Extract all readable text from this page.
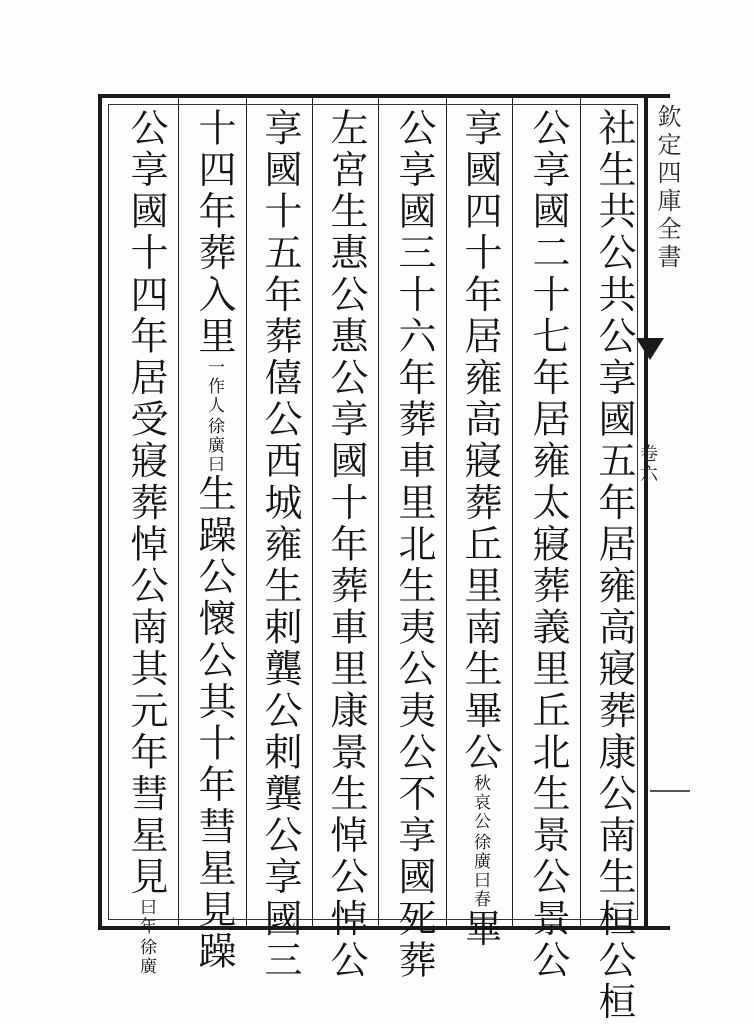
欽定四庫全書
卷六
社生共公共公享國五年居雍高寢葬康公南生桓公桓
公享國二十七年居雍太寢葬義里丘北生景公景公
享國四十年居雍高寢葬丘里南生畢公
徐廣曰春
秋哀公
畢
公享國三十六年葬車里北生夷公夷公不享國死葬
左宮生惠公惠公享國十年葬車里康景生悼公悼公
享國十五年葬僖公西城雍生剌龔公剌龔公享國三
十四年葬入里
徐廣曰
一作人
生躁公懷公其十年彗星見躁
公享國十四年居受寢葬悼公南其元年彗星見
徐廣
曰年
